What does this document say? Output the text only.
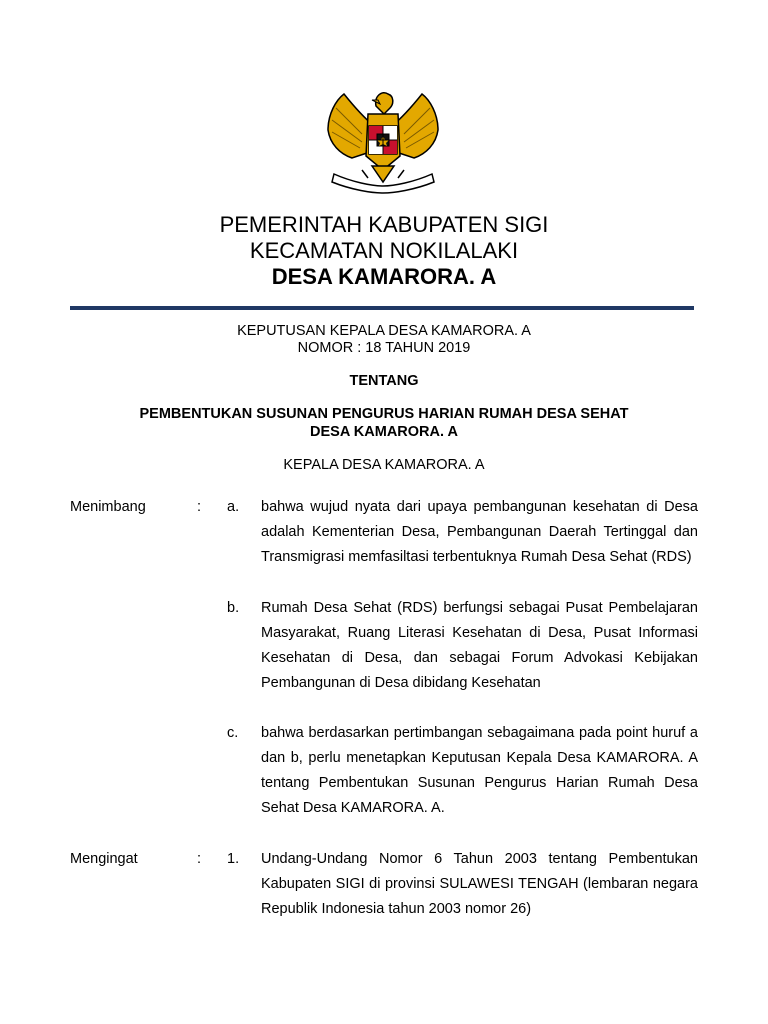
PEMERINTAH KABUPATEN SIGI
KECAMATAN NOKILALAKI
DESA KAMARORA. A
KEPUTUSAN KEPALA DESA KAMARORA. A
NOMOR : 18 TAHUN 2019
TENTANG
PEMBENTUKAN SUSUNAN PENGURUS HARIAN RUMAH DESA SEHAT
DESA KAMARORA. A
KEPALA DESA KAMARORA. A
Menimbang	: a. bahwa wujud nyata dari upaya pembangunan kesehatan di Desa adalah Kementerian Desa, Pembangunan Daerah Tertinggal dan Transmigrasi memfasiltasi terbentuknya Rumah Desa Sehat (RDS)
b. Rumah Desa Sehat (RDS) berfungsi sebagai Pusat Pembelajaran Masyarakat, Ruang Literasi Kesehatan di Desa, Pusat Informasi Kesehatan di Desa, dan sebagai Forum Advokasi Kebijakan Pembangunan di Desa dibidang Kesehatan
c. bahwa berdasarkan pertimbangan sebagaimana pada point huruf a dan b, perlu menetapkan Keputusan Kepala Desa KAMARORA. A tentang Pembentukan Susunan Pengurus Harian Rumah Desa Sehat Desa KAMARORA. A.
Mengingat	: 1. Undang-Undang Nomor 6 Tahun 2003 tentang Pembentukan Kabupaten SIGI di provinsi SULAWESI TENGAH (lembaran negara Republik Indonesia tahun 2003 nomor 26)
